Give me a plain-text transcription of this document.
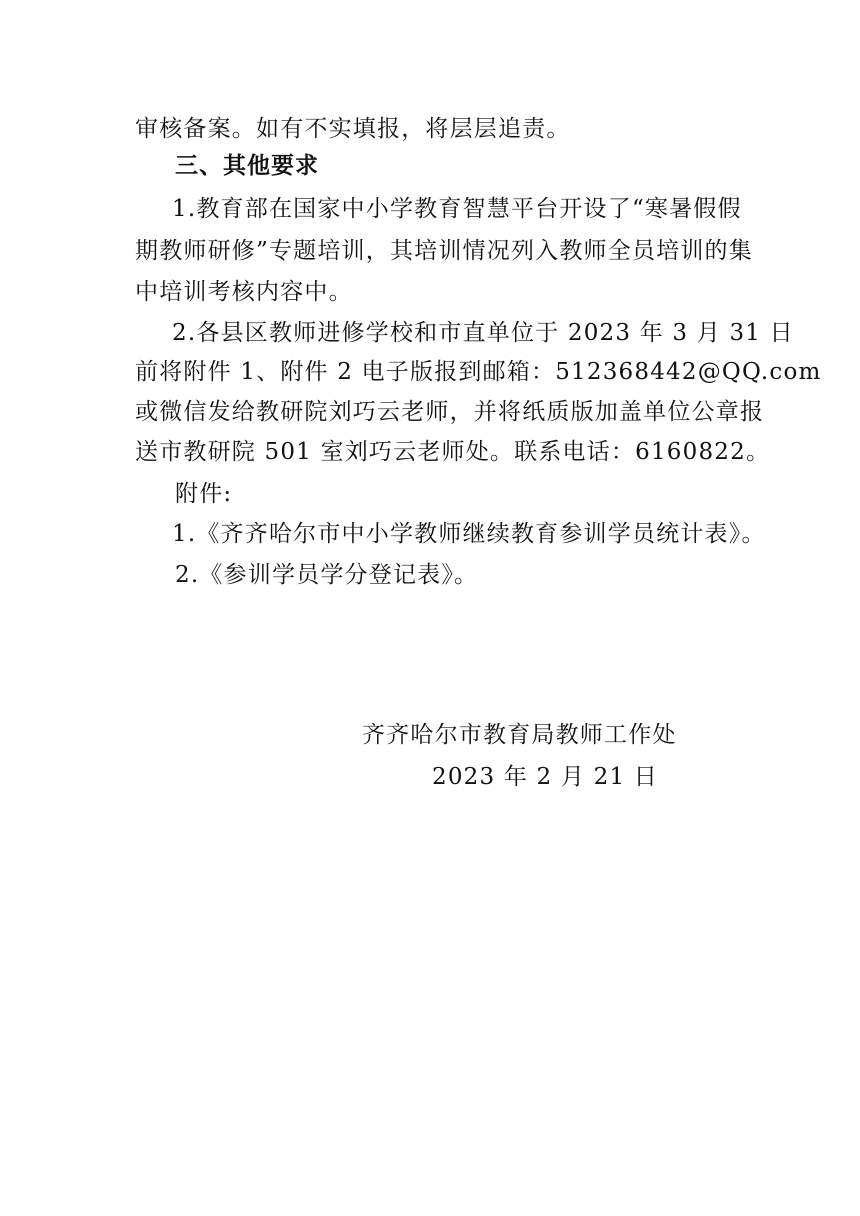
审核备案。如有不实填报，将层层追责。
三、其他要求
1.教育部在国家中小学教育智慧平台开设了“寒暑假假
期教师研修”专题培训，其培训情况列入教师全员培训的集
中培训考核内容中。
2.各县区教师进修学校和市直单位于 2023 年 3 月 31 日
前将附件 1、附件 2 电子版报到邮箱：512368442@QQ.com
或微信发给教研院刘巧云老师，并将纸质版加盖单位公章报
送市教研院 501 室刘巧云老师处。联系电话：6160822。
附件:
1.《齐齐哈尔市中小学教师继续教育参训学员统计表》。
2.《参训学员学分登记表》。
齐齐哈尔市教育局教师工作处
2023 年 2 月 21 日
